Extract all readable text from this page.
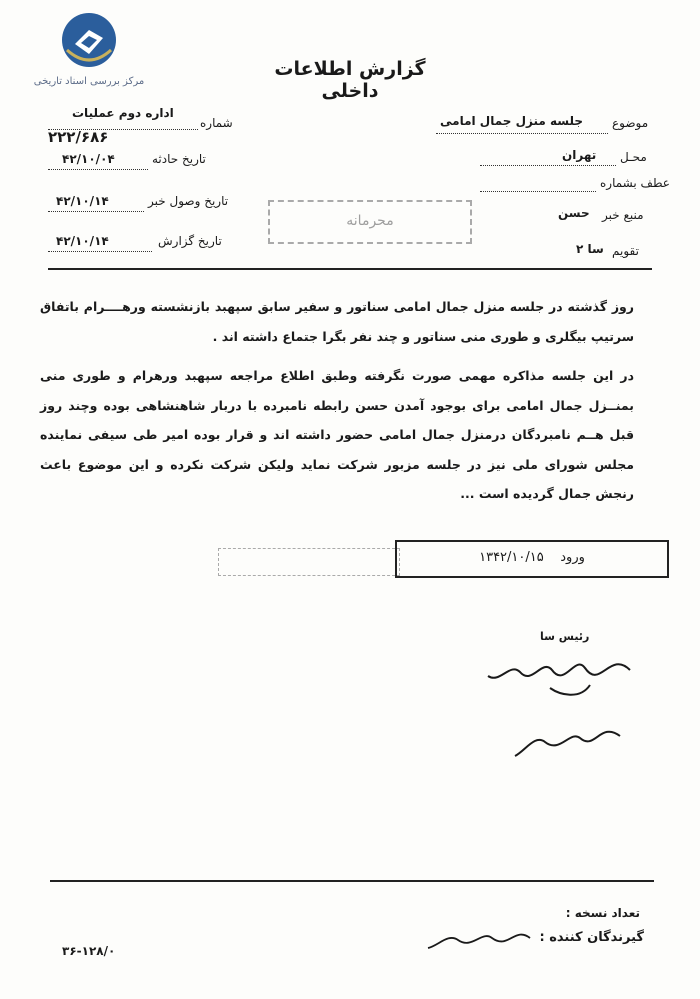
مرکز بررسی اسناد تاریخی
گزارش اطلاعات داخلی
شماره
اداره دوم عملیات
۲۲۲/۶۸۶
تاریخ حادثه
۴۲/۱۰/۰۴
تاریخ وصول خبر
۴۲/۱۰/۱۴
تاریخ گزارش
۴۲/۱۰/۱۴
موضوع
جلسه منزل جمال امامی
محـل
تهران
عطف بشماره
منبع خبر
حسن
تقویم
سا ۲
محرمانه

روز گذشته در جلسه منزل جمال امامی سناتور و سفیر سابق سپهبد بازنشسته ورهــــرام باتفاق سرتیپ بیگلری و طوری منی سناتور و چند نفر بگرا جتماع داشته اند .

در این جلسه مذاکره مهمی صورت نگرفته وطبق اطلاع مراجعه سپهبد ورهرام و طوری منی بمنــزل جمال امامی برای بوجود آمدن حسن رابطه نامبرده با دربار شاهنشاهی بوده وچند روز قبل هــم نامبردگان درمنزل جمال امامی حضور داشته اند و قرار بوده امیر طی سیفی نماینده مجلس شورای ملی نیز در جلسه مزبور شرکت نماید ولیکن شرکت نکرده و این موضوع باعث رنجش جمال گردیده است ...

ورود    ۱۳۴۲/۱۰/۱۵
رئیس سا
تعداد نسخه :
گیرندگان کننده :
۳۶-۱۲۸/۰
